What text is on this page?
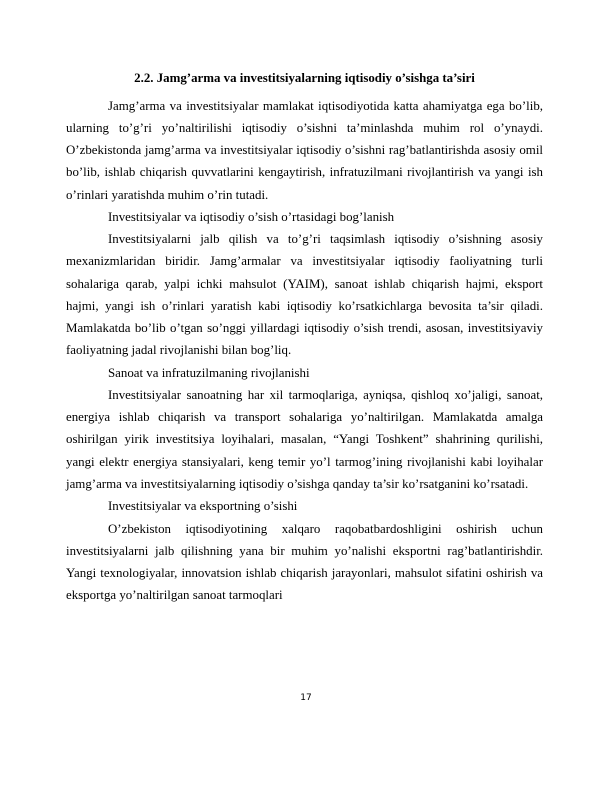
2.2. Jamg’arma va investitsiyalarning iqtisodiy o’sishga ta’siri

Jamg’arma va investitsiyalar mamlakat iqtisodiyotida katta ahamiyatga ega bo’lib, ularning to’g’ri yo’naltirilishi iqtisodiy o’sishni ta’minlashda muhim rol o’ynaydi. O’zbekistonda jamg’arma va investitsiyalar iqtisodiy o’sishni rag’batlantirishda asosiy omil bo’lib, ishlab chiqarish quvvatlarini kengaytirish, infratuzilmani rivojlantirish va yangi ish o’rinlari yaratishda muhim o’rin tutadi.

Investitsiyalar va iqtisodiy o’sish o’rtasidagi bog’lanish

Investitsiyalarni jalb qilish va to’g’ri taqsimlash iqtisodiy o’sishning asosiy mexanizmlaridan biridir. Jamg’armalar va investitsiyalar iqtisodiy faoliyatning turli sohalariga qarab, yalpi ichki mahsulot (YAIM), sanoat ishlab chiqarish hajmi, eksport hajmi, yangi ish o’rinlari yaratish kabi iqtisodiy ko’rsatkichlarga bevosita ta’sir qiladi. Mamlakatda bo’lib o’tgan so’nggi yillardagi iqtisodiy o’sish trendi, asosan, investitsiyaviy faoliyatning jadal rivojlanishi bilan bog’liq.

Sanoat va infratuzilmaning rivojlanishi

Investitsiyalar sanoatning har xil tarmoqlariga, ayniqsa, qishloq xo’jaligi, sanoat, energiya ishlab chiqarish va transport sohalariga yo’naltirilgan. Mamlakatda amalga oshirilgan yirik investitsiya loyihalari, masalan, “Yangi Toshkent” shahrining qurilishi, yangi elektr energiya stansiyalari, keng temir yo’l tarmog’ining rivojlanishi kabi loyihalar jamg’arma va investitsiyalarning iqtisodiy o’sishga qanday ta’sir ko’rsatganini ko’rsatadi.

Investitsiyalar va eksportning o’sishi

O’zbekiston iqtisodiyotining xalqaro raqobatbardoshligini oshirish uchun investitsiyalarni jalb qilishning yana bir muhim yo’nalishi eksportni rag’batlantirishdir. Yangi texnologiyalar, innovatsion ishlab chiqarish jarayonlari, mahsulot sifatini oshirish va eksportga yo’naltirilgan sanoat tarmoqlari

17
